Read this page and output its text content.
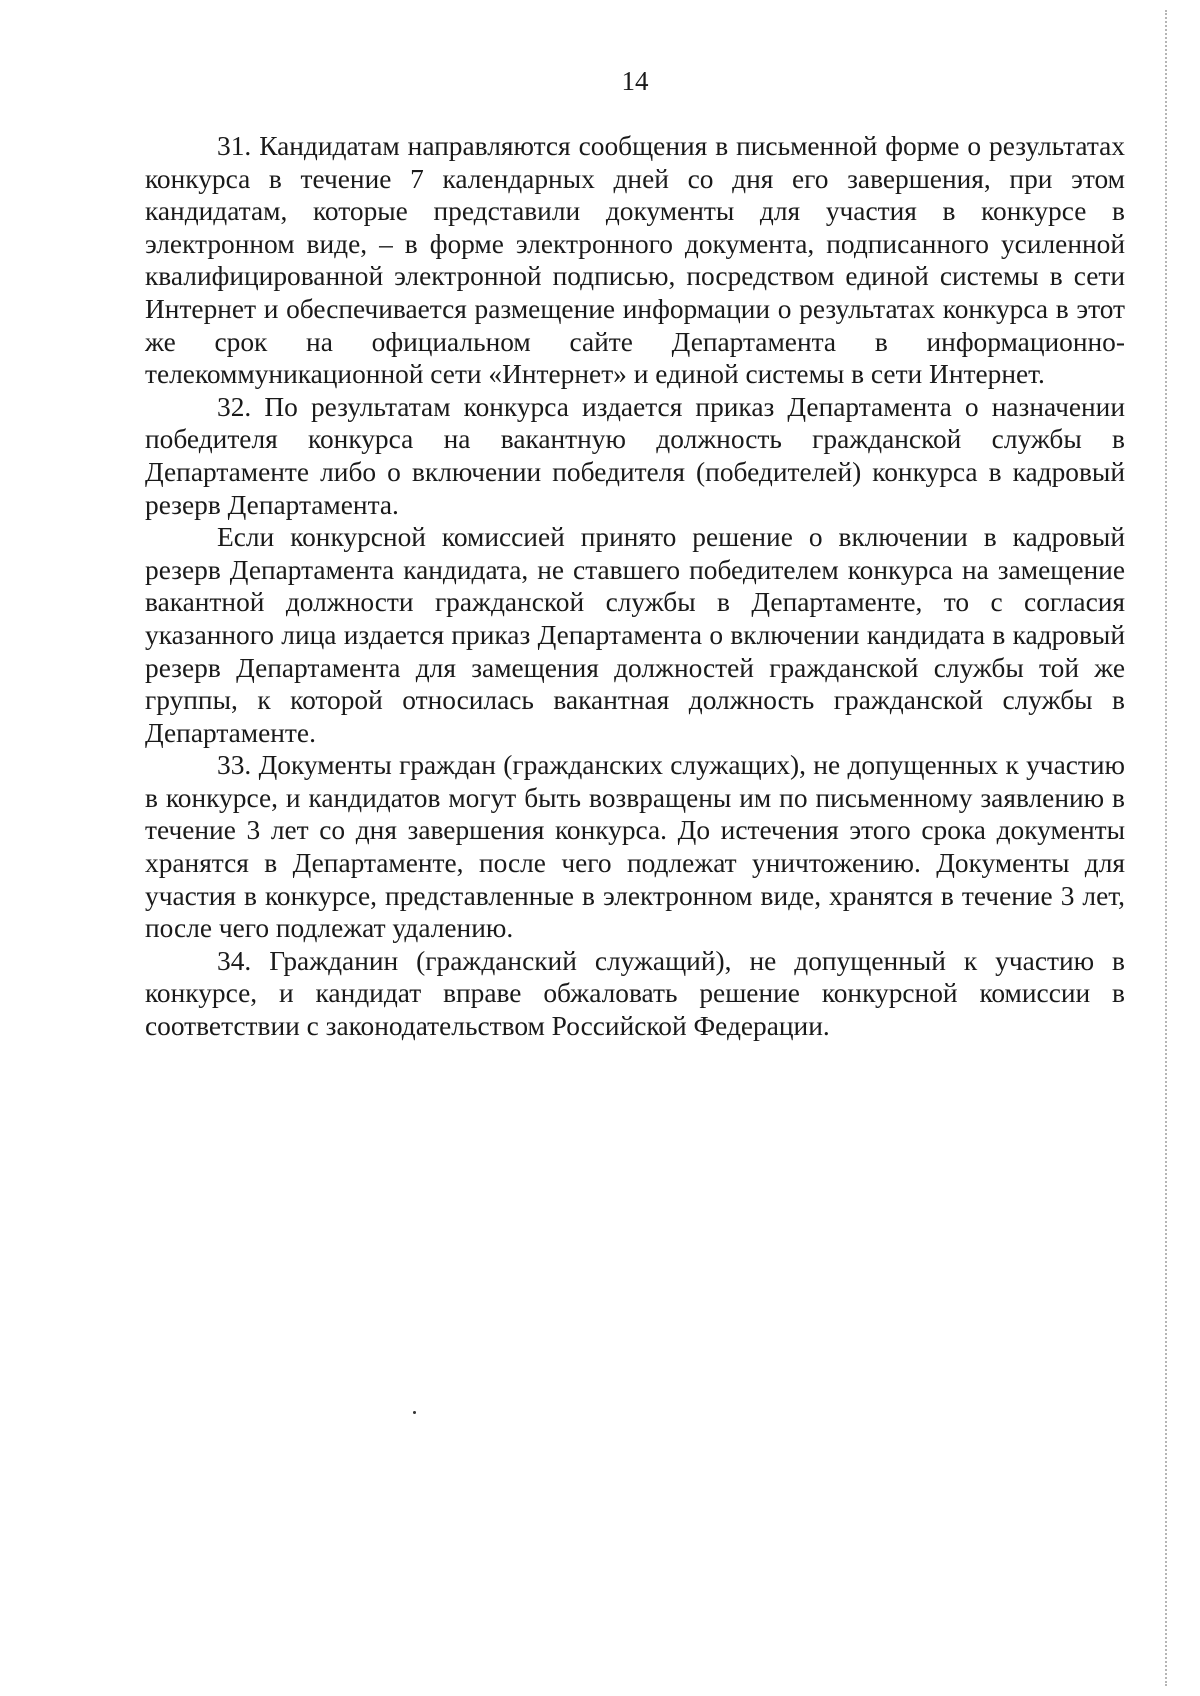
14

31. Кандидатам направляются сообщения в письменной форме о результатах конкурса в течение 7 календарных дней со дня его завершения, при этом кандидатам, которые представили документы для участия в конкурсе в электронном виде, – в форме электронного документа, подписанного усиленной квалифицированной электронной подписью, посредством единой системы в сети Интернет и обеспечивается размещение информации о результатах конкурса в этот же срок на официальном сайте Департамента в информационно-телекоммуникационной сети «Интернет» и единой системы в сети Интернет.

32. По результатам конкурса издается приказ Департамента о назначении победителя конкурса на вакантную должность гражданской службы в Департаменте либо о включении победителя (победителей) конкурса в кадровый резерв Департамента.

Если конкурсной комиссией принято решение о включении в кадровый резерв Департамента кандидата, не ставшего победителем конкурса на замещение вакантной должности гражданской службы в Департаменте, то с согласия указанного лица издается приказ Департамента о включении кандидата в кадровый резерв Департамента для замещения должностей гражданской службы той же группы, к которой относилась вакантная должность гражданской службы в Департаменте.

33. Документы граждан (гражданских служащих), не допущенных к участию в конкурсе, и кандидатов могут быть возвращены им по письменному заявлению в течение 3 лет со дня завершения конкурса. До истечения этого срока документы хранятся в Департаменте, после чего подлежат уничтожению. Документы для участия в конкурсе, представленные в электронном виде, хранятся в течение 3 лет, после чего подлежат удалению.

34. Гражданин (гражданский служащий), не допущенный к участию в конкурсе, и кандидат вправе обжаловать решение конкурсной комиссии в соответствии с законодательством Российской Федерации.
